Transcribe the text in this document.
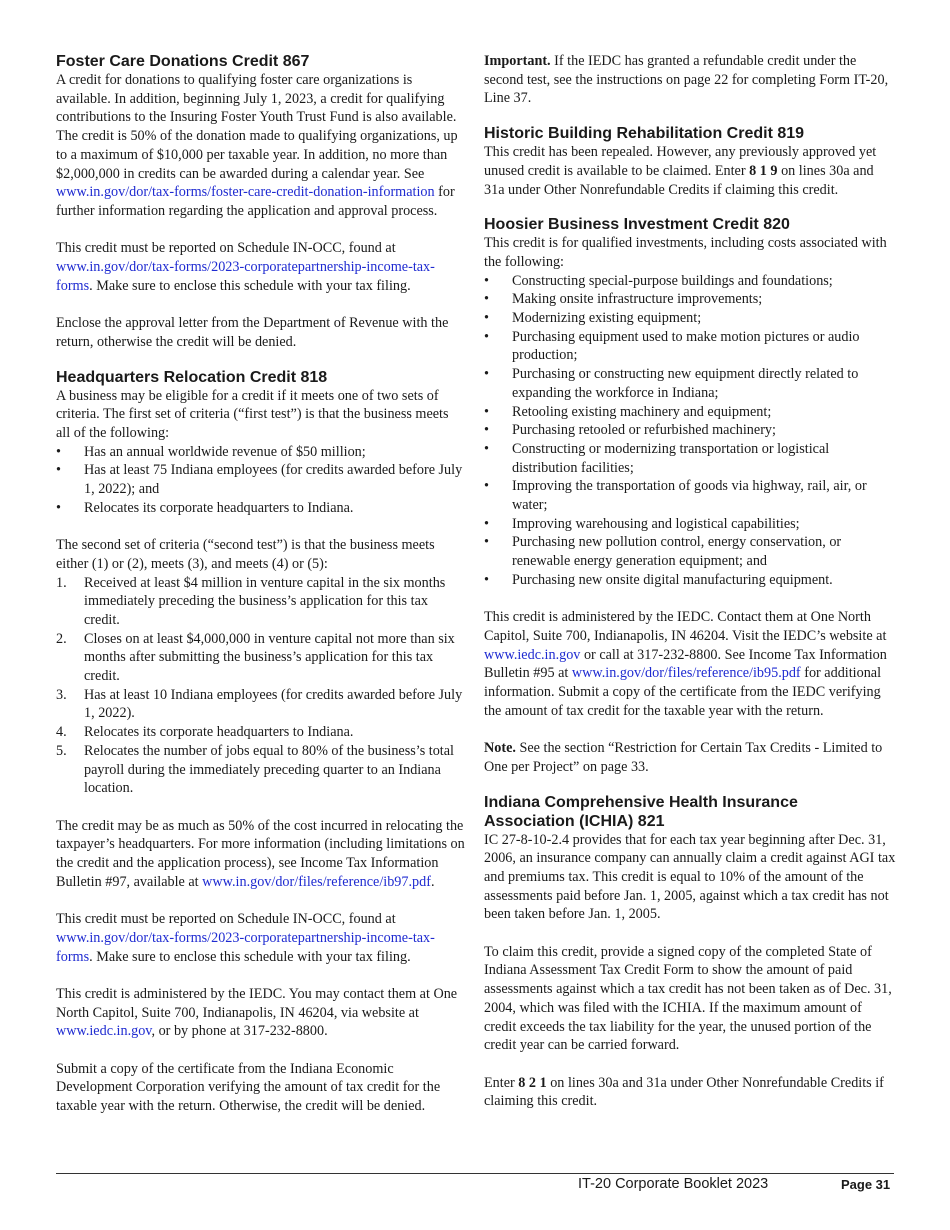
Foster Care Donations Credit 867

A credit for donations to qualifying foster care organizations is available. In addition, beginning July 1, 2023, a credit for qualifying contributions to the Insuring Foster Youth Trust Fund is also available. The credit is 50% of the donation made to qualifying organizations, up to a maximum of $10,000 per taxable year. In addition, no more than $2,000,000 in credits can be awarded during a calendar year. See www.in.gov/dor/tax-forms/foster-care-credit-donation-information for further information regarding the application and approval process.

This credit must be reported on Schedule IN-OCC, found at www.in.gov/dor/tax-forms/2023-corporatepartnership-income-tax-forms. Make sure to enclose this schedule with your tax filing.

Enclose the approval letter from the Department of Revenue with the return, otherwise the credit will be denied.

Headquarters Relocation Credit 818

A business may be eligible for a credit if it meets one of two sets of criteria. The first set of criteria (“first test”) is that the business meets all of the following:

•
Has an annual worldwide revenue of $50 million;
•
Has at least 75 Indiana employees (for credits awarded before July 1, 2022); and
•
Relocates its corporate headquarters to Indiana.

The second set of criteria (“second test”) is that the business meets either (1) or (2), meets (3), and meets (4) or (5):

1. Received at least $4 million in venture capital in the six months immediately preceding the business’s application for this tax credit.
2. Closes on at least $4,000,000 in venture capital not more than six months after submitting the business’s application for this tax credit.
3. Has at least 10 Indiana employees (for credits awarded before July 1, 2022).
4. Relocates its corporate headquarters to Indiana.
5. Relocates the number of jobs equal to 80% of the business’s total payroll during the immediately preceding quarter to an Indiana location.

The credit may be as much as 50% of the cost incurred in relocating the taxpayer’s headquarters. For more information (including limitations on the credit and the application process), see Income Tax Information Bulletin #97, available at www.in.gov/dor/files/reference/ib97.pdf.

This credit must be reported on Schedule IN-OCC, found at www.in.gov/dor/tax-forms/2023-corporatepartnership-income-tax-forms. Make sure to enclose this schedule with your tax filing.

This credit is administered by the IEDC. You may contact them at One North Capitol, Suite 700, Indianapolis, IN 46204, via website at www.iedc.in.gov, or by phone at 317-232-8800.

Submit a copy of the certificate from the Indiana Economic Development Corporation verifying the amount of tax credit for the taxable year with the return. Otherwise, the credit will be denied.

Important. If the IEDC has granted a refundable credit under the second test, see the instructions on page 22 for completing Form IT-20, Line 37.

Historic Building Rehabilitation Credit 819

This credit has been repealed. However, any previously approved yet unused credit is available to be claimed. Enter 8 1 9 on lines 30a and 31a under Other Nonrefundable Credits if claiming this credit.

Hoosier Business Investment Credit 820

This credit is for qualified investments, including costs associated with the following:

•
Constructing special-purpose buildings and foundations;
•
Making onsite infrastructure improvements;
•
Modernizing existing equipment;
•
Purchasing equipment used to make motion pictures or audio production;
•
Purchasing or constructing new equipment directly related to expanding the workforce in Indiana;
•
Retooling existing machinery and equipment;
•
Purchasing retooled or refurbished machinery;
•
Constructing or modernizing transportation or logistical distribution facilities;
•
Improving the transportation of goods via highway, rail, air, or water;
•
Improving warehousing and logistical capabilities;
•
Purchasing new pollution control, energy conservation, or renewable energy generation equipment; and
•
Purchasing new onsite digital manufacturing equipment.

This credit is administered by the IEDC. Contact them at One North Capitol, Suite 700, Indianapolis, IN 46204. Visit the IEDC’s website at www.iedc.in.gov or call at 317-232-8800. See Income Tax Information Bulletin #95 at www.in.gov/dor/files/reference/ib95.pdf for additional information. Submit a copy of the certificate from the IEDC verifying the amount of tax credit for the taxable year with the return.

Note. See the section “Restriction for Certain Tax Credits - Limited to One per Project” on page 33.

Indiana Comprehensive Health Insurance
Association (ICHIA) 821

IC 27-8-10-2.4 provides that for each tax year beginning after Dec. 31, 2006, an insurance company can annually claim a credit against AGI tax and premiums tax. This credit is equal to 10% of the amount of the assessments paid before Jan. 1, 2005, against which a tax credit has not been taken before Jan. 1, 2005.

To claim this credit, provide a signed copy of the completed State of Indiana Assessment Tax Credit Form to show the amount of paid assessments against which a tax credit has not been taken as of Dec. 31, 2004, which was filed with the ICHIA. If the maximum amount of credit exceeds the tax liability for the year, the unused portion of the credit year can be carried forward.

Enter 8 2 1 on lines 30a and 31a under Other Nonrefundable Credits if claiming this credit.

IT-20 Corporate Booklet 2023	Page 31
